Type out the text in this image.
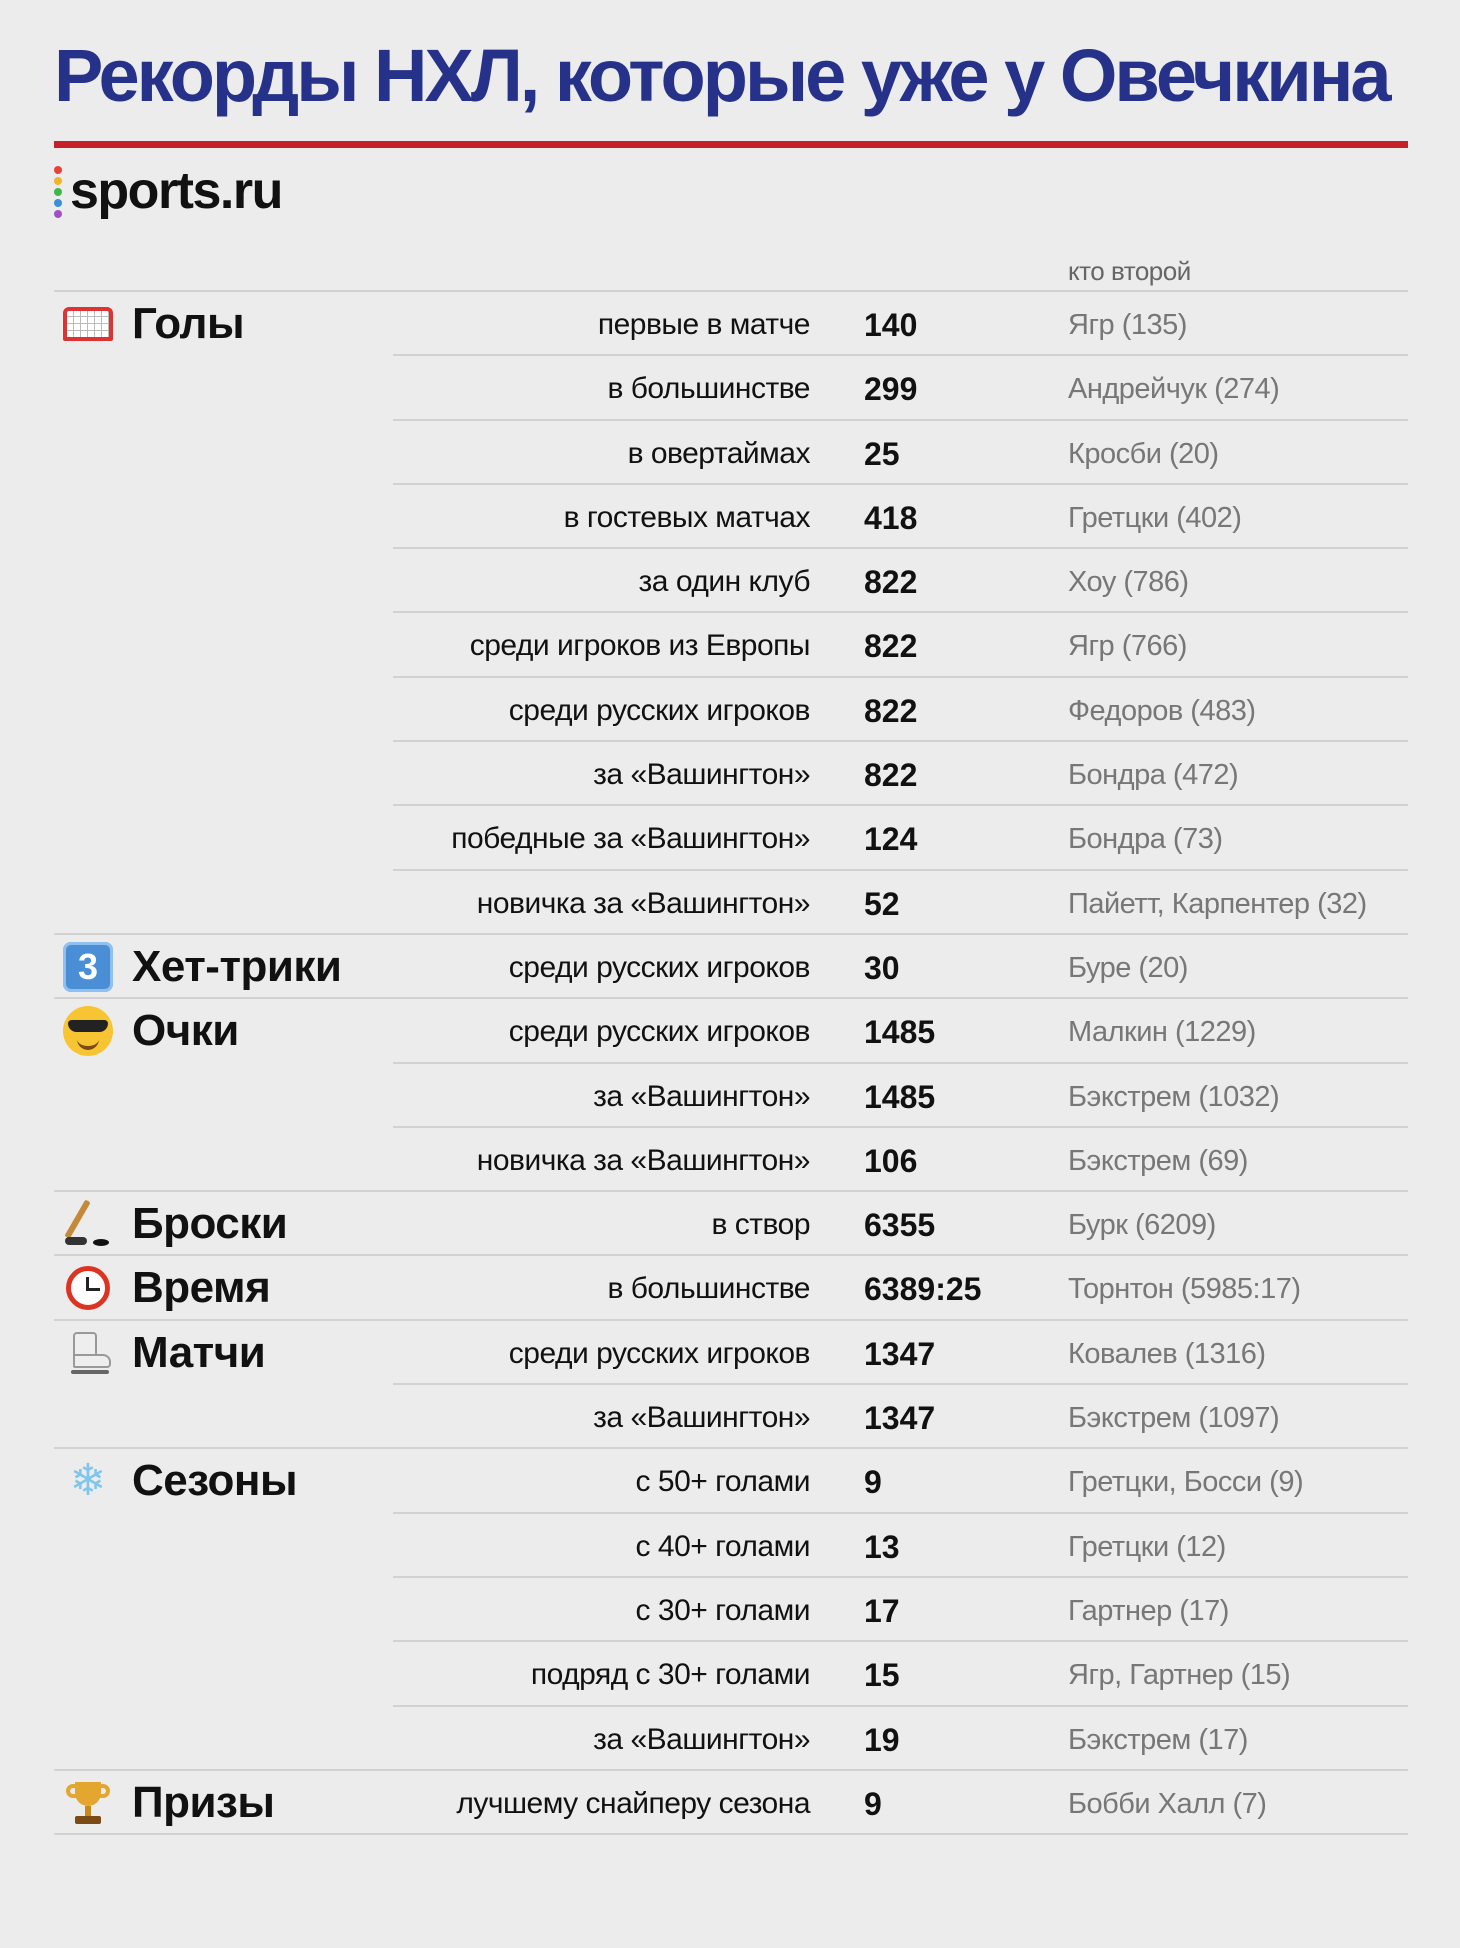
Рекорды НХЛ, которые уже у Овечкина
sports.ru
кто второй
Голы	первые в матче 140	Ягр (135)
в большинстве 299	Андрейчук (274)
в овертаймах 25	Кросби (20)
в гостевых матчах 418	Гретцки (402)
за один клуб 822	Хоу (786)
среди игроков из Европы 822	Ягр (766)
среди русских игроков 822	Федоров (483)
за «Вашингтон» 822	Бондра (472)
победные за «Вашингтон» 124	Бондра (73)
новичка за «Вашингтон» 52	Пайетт, Карпентер (32)
3 Хет-трики	среди русских игроков 30	Буре (20)
Очки	среди русских игроков 1485	Малкин (1229)
за «Вашингтон» 1485	Бэкстрем (1032)
новичка за «Вашингтон» 106	Бэкстрем (69)
Броски	в створ 6355	Бурк (6209)
Время	в большинстве 6389:25	Торнтон (5985:17)
Матчи	среди русских игроков 1347	Ковалев (1316)
за «Вашингтон» 1347	Бэкстрем (1097)
❄ Сезоны	с 50+ голами 9	Гретцки, Босси (9)
с 40+ голами 13	Гретцки (12)
с 30+ голами 17	Гартнер (17)
подряд с 30+ голами 15	Ягр, Гартнер (15)
за «Вашингтон» 19	Бэкстрем (17)
Призы	лучшему снайперу сезона 9	Бобби Халл (7)
